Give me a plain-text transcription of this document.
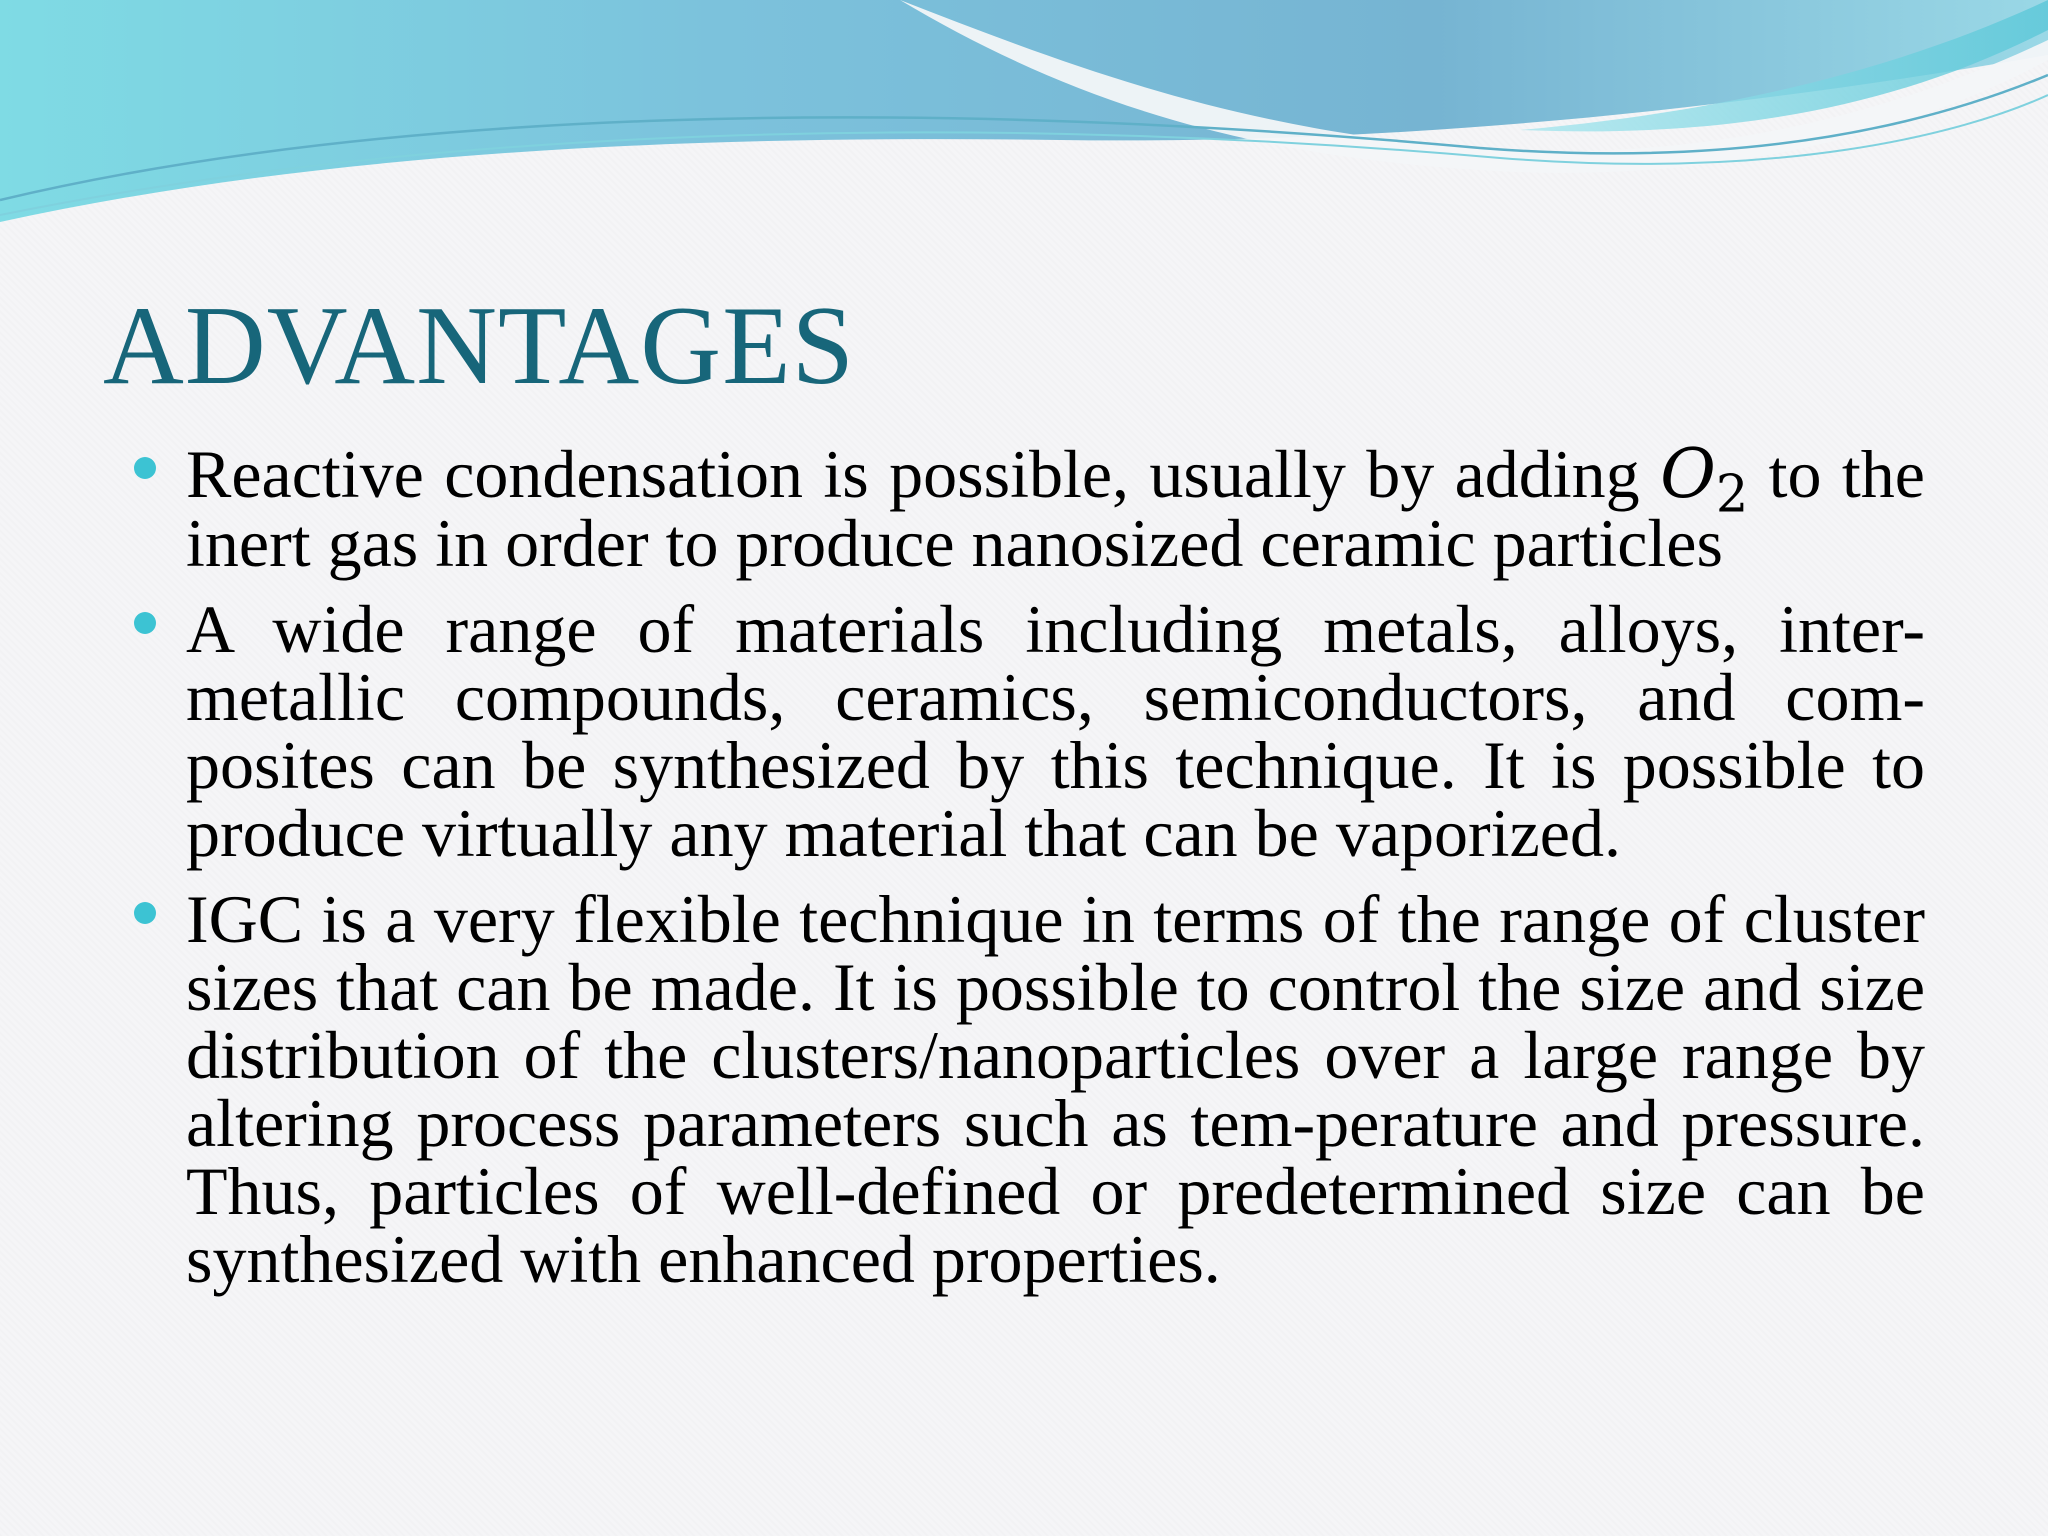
ADVANTAGES
Reactive condensation is possible, usually by adding $O_2$ to the inert gas in order to produce nanosized ceramic particles
A wide range of materials including metals, alloys, inter-metallic compounds, ceramics, semiconductors, and com-posites can be synthesized by this technique. It is possible to produce virtually any material that can be vaporized.
IGC is a very flexible technique in terms of the range of cluster sizes that can be made. It is possible to control the size and size distribution of the clusters/nanoparticles over a large range by altering process parameters such as tem-perature and pressure. Thus, particles of well-defined or predetermined size can be synthesized with enhanced properties.
